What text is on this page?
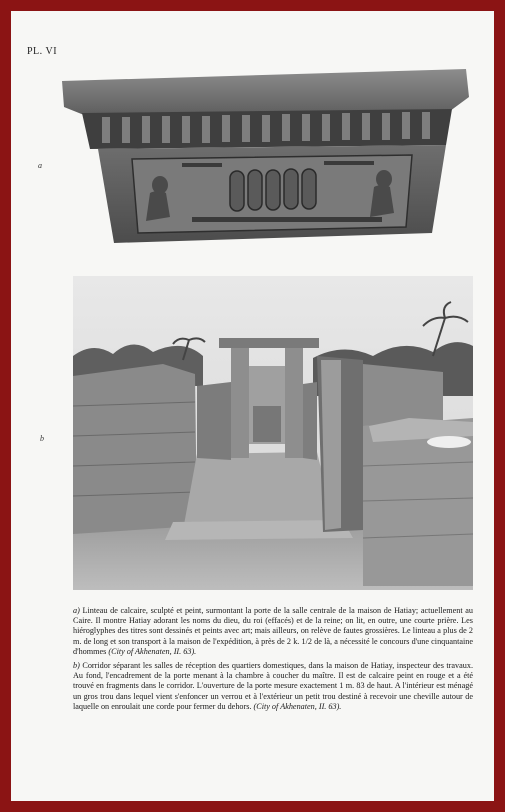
PL. VI
a
b

a) Linteau de calcaire, sculpté et peint, surmontant la porte de la salle centrale de la maison de Hatiay; actuellement au Caire. Il montre Hatiay adorant les noms du dieu, du roi (effacés) et de la reine; on lit, en outre, une courte prière. Les hiéroglyphes des titres sont dessinés et peints avec art; mais ailleurs, on relève de fautes grossières. Le linteau a plus de 2 m. de long et son transport à la maison de l'expédition, à près de 2 k. 1/2 de là, a nécessité le concours d'une cinquantaine d'hommes (City of Akhenaten, II. 63).

b) Corridor séparant les salles de réception des quartiers domestiques, dans la maison de Hatiay, inspecteur des travaux. Au fond, l'encadrement de la porte menant à la chambre à coucher du maître. Il est de calcaire peint en rouge et a été trouvé en fragments dans le corridor. L'ouverture de la porte mesure exactement 1 m. 83 de haut. A l'intérieur est ménagé un gros trou dans lequel vient s'enfoncer un verrou et à l'extérieur un petit trou destiné à recevoir une cheville autour de laquelle on enroulait une corde pour fermer du dehors. (City of Akhenaten, II. 63).
